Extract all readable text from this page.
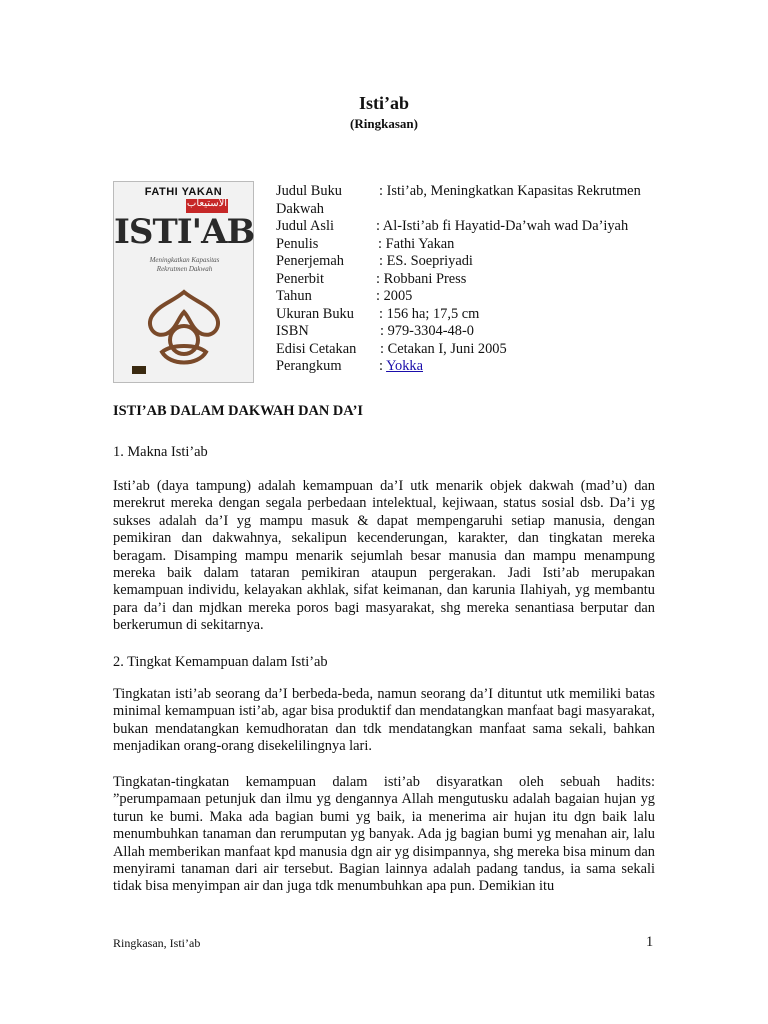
Isti’ab
(Ringkasan)
FATHI YAKAN
الاستيعاب
ISTI'AB
Meningkatkan Kapasitas
Rekrutmen Dakwah
Judul Buku	: Isti’ab, Meningkatkan Kapasitas Rekrutmen
Dakwah
Judul Asli	: Al-Isti’ab fi Hayatid-Da’wah wad Da’iyah
Penulis	: Fathi Yakan
Penerjemah : ES. Soepriyadi
Penerbit	: Robbani Press
Tahun	: 2005
Ukuran Buku : 156 ha; 17,5 cm
ISBN	: 979-3304-48-0
Edisi Cetakan : Cetakan I, Juni 2005
Perangkum	: Yokka
ISTI’AB DALAM DAKWAH DAN DA’I
1. Makna Isti’ab

Isti’ab (daya tampung) adalah kemampuan da’I utk menarik objek dakwah (mad’u) dan merekrut mereka dengan segala perbedaan intelektual, kejiwaan, status sosial dsb. Da’i yg sukses adalah da’I yg mampu masuk & dapat mempengaruhi setiap manusia, dengan pemikiran dan dakwahnya, sekalipun kecenderungan, karakter, dan tingkatan mereka beragam. Disamping mampu menarik sejumlah besar manusia dan mampu menampung mereka baik dalam tataran pemikiran ataupun pergerakan. Jadi Isti’ab merupakan kemampuan individu, kelayakan akhlak, sifat keimanan, dan karunia Ilahiyah, yg membantu para da’i dan mjdkan mereka poros bagi masyarakat, shg mereka senantiasa berputar dan berkerumun di sekitarnya.

2. Tingkat Kemampuan dalam Isti’ab

Tingkatan isti’ab seorang da’I berbeda-beda, namun seorang da’I dituntut utk memiliki batas minimal kemampuan isti’ab, agar bisa produktif dan mendatangkan manfaat bagi masyarakat, bukan mendatangkan kemudhoratan dan tdk mendatangkan manfaat sama sekali, bahkan menjadikan orang-orang disekelilingnya lari.

Tingkatan-tingkatan kemampuan dalam isti’ab disyaratkan oleh sebuah hadits: ”perumpamaan petunjuk dan ilmu yg dengannya Allah mengutusku adalah bagaian hujan yg turun ke bumi. Maka ada bagian bumi yg baik, ia menerima air hujan itu dgn baik lalu menumbuhkan tanaman dan rerumputan yg banyak. Ada jg bagian bumi yg menahan air, lalu Allah memberikan manfaat kpd manusia dgn air yg disimpannya, shg mereka bisa minum dan menyirami tanaman dari air tersebut. Bagian lainnya adalah padang tandus, ia sama sekali tidak bisa menyimpan air dan juga tdk menumbuhkan apa pun. Demikian itu

Ringkasan, Isti’ab	1
